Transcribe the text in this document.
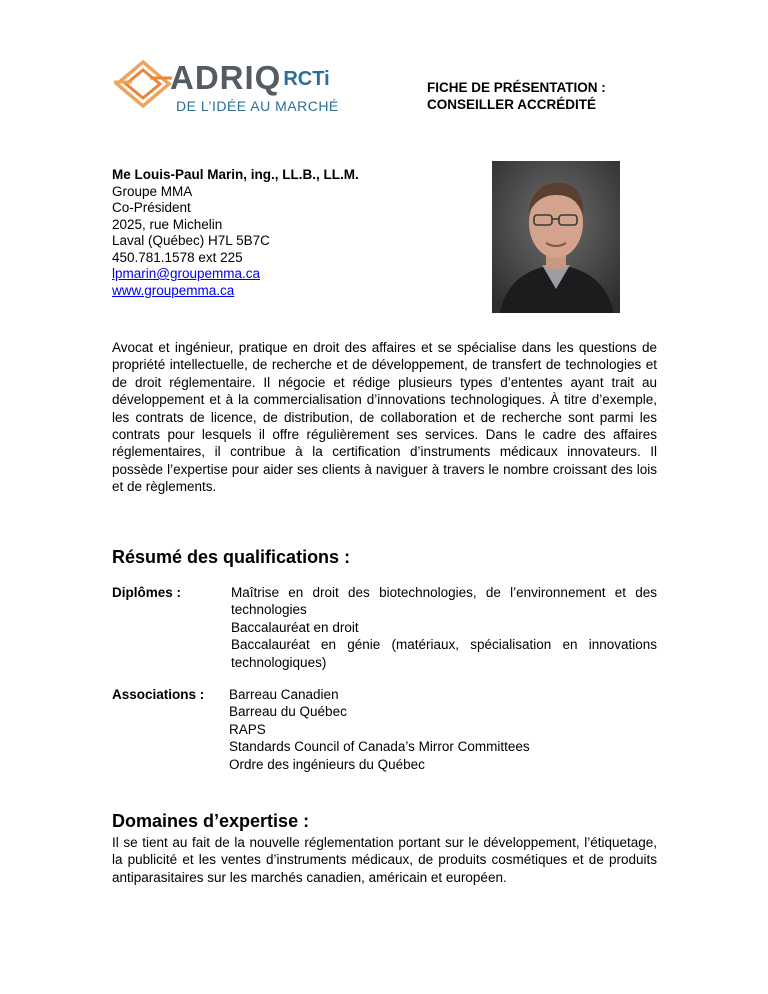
ADRIQ RCTi
DE L’IDÉE AU MARCHÉ
FICHE DE PRÉSENTATION :
CONSEILLER ACCRÉDITÉ
Me Louis-Paul Marin, ing., LL.B., LL.M.
Groupe MMA
Co-Président
2025, rue Michelin
Laval (Québec) H7L 5B7C
450.781.1578 ext 225
lpmarin@groupemma.ca
www.groupemma.ca

Avocat et ingénieur, pratique en droit des affaires et se spécialise dans les questions de propriété intellectuelle, de recherche et de développement, de transfert de technologies et de droit réglementaire. Il négocie et rédige plusieurs types d’ententes ayant trait au développement et à la commercialisation d’innovations technologiques. À titre d’exemple, les contrats de licence, de distribution, de collaboration et de recherche sont parmi les contrats pour lesquels il offre régulièrement ses services. Dans le cadre des affaires réglementaires, il contribue à la certification d’instruments médicaux innovateurs. Il possède l’expertise pour aider ses clients à naviguer à travers le nombre croissant des lois et de règlements.

Résumé des qualifications :
Diplômes :	Maîtrise en droit des biotechnologies, de l’environnement et des technologies
Baccalauréat en droit
Baccalauréat en génie (matériaux, spécialisation en innovations technologiques)
Associations : Barreau Canadien
Barreau du Québec
RAPS
Standards Council of Canada’s Mirror Committees
Ordre des ingénieurs du Québec
Domaines d’expertise :

Il se tient au fait de la nouvelle réglementation portant sur le développement, l’étiquetage, la publicité et les ventes d’instruments médicaux, de produits cosmétiques et de produits antiparasitaires sur les marchés canadien, américain et européen.
